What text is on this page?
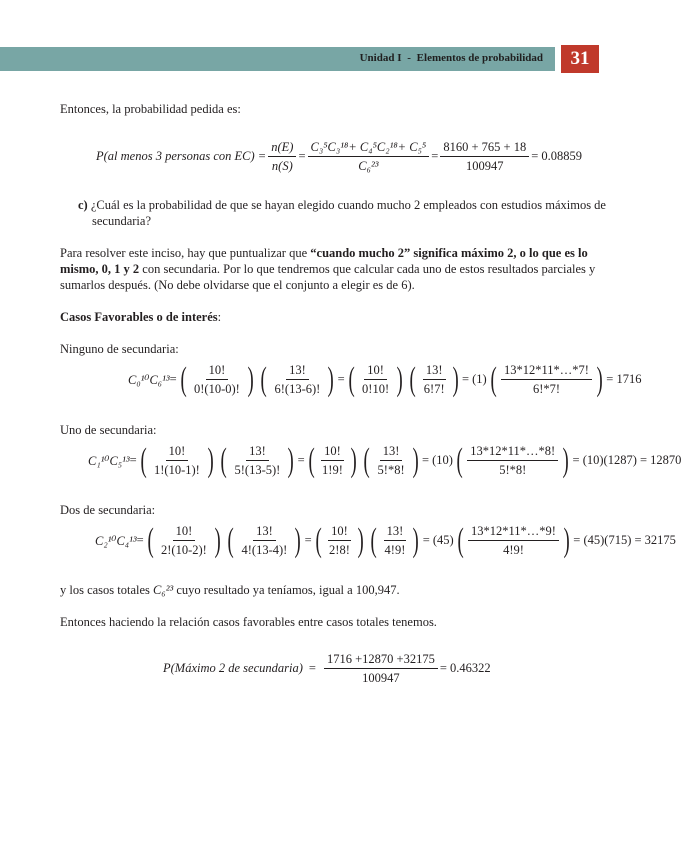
Unidad I - Elementos de probabilidad	31
Entonces, la probabilidad pedida es:
P(al menos 3 personas con $EC) = \frac{n(E)}{n(S)} = \frac{\text{C₃⁵C₃¹⁸+ C₄⁵C₂¹⁸+ C₅⁵}}{\text{C₆²³}} = \frac{8160 + 765 + 18}{100947} = 0.08859$
c) ¿Cuál es la probabilidad de que se hayan elegido cuando mucho 2 empleados con estudios máximos de secundaria?
Para resolver este inciso, hay que puntualizar que “cuando mucho 2” significa máximo 2, o lo que es lo mismo, 0, 1 y 2 con secundaria. Por lo que tendremos que calcular cada uno de estos resultados parciales y sumarlos después. (No debe olvidarse que el conjunto a elegir es de 6).
Casos Favorables o de interés:
Ninguno de secundaria:
C₀¹⁰C₆¹³ = ( $\frac{10!}{0!(10-0)!}$ ) ( $\frac{13!}{6!(13-6)!}$ ) = ( $\frac{10!}{0!10!}$ ) ( $\frac{13!}{6!7!}$ ) = (1) ( $\frac{13*12*11*\dots*7!}{6!*7!}$ ) = 1716
Uno de secundaria:
C₁¹⁰C₅¹³ = ( $\frac{10!}{1!(10-1)!}$ ) ( $\frac{13!}{5!(13-5)!}$ ) = ( $\frac{10!}{1!9!}$ ) ( $\frac{13!}{5!*8!}$ ) = (10) ( $\frac{13*12*11*\dots*8!}{5!*8!}$ ) = (10)(1287) = 12870
Dos de secundaria:
C₂¹⁰C₄¹³ = ( $\frac{10!}{2!(10-2)!}$ ) ( $\frac{13!}{4!(13-4)!}$ ) = ( $\frac{10!}{2!8!}$ ) ( $\frac{13!}{4!9!}$ ) = (45) ( $\frac{13*12*11*\dots*9!}{4!9!}$ ) = (45)(715) = 32175
y los casos totales C₆²³ cuyo resultado ya teníamos, igual a 100,947.
Entonces haciendo la relación casos favorables entre casos totales tenemos.
P(Máximo 2 de secundaria) = $\frac{1716 +12870 +32175}{100947} = 0.46322$
